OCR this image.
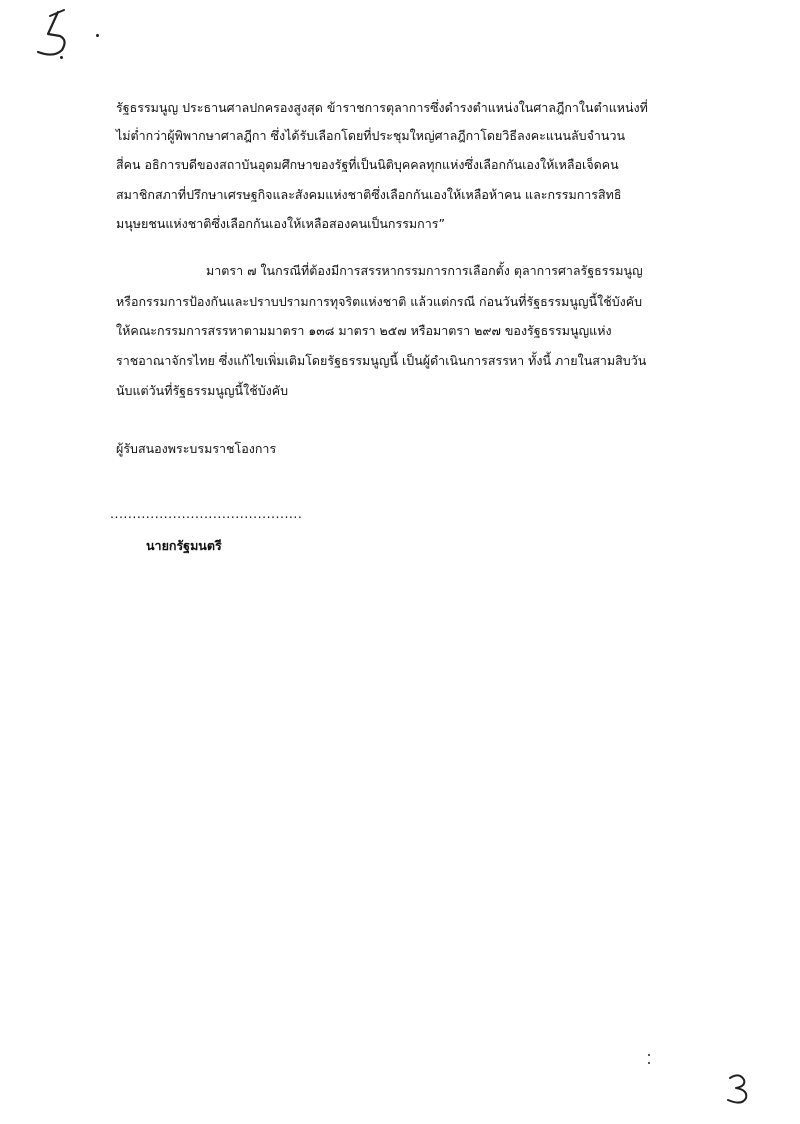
รัฐธรรมนูญ ประธานศาลปกครองสูงสุด ข้าราชการตุลาการซึ่งดำรงตำแหน่งในศาลฎีกาในตำแหน่งที่
ไม่ต่ำกว่าผู้พิพากษาศาลฎีกา ซึ่งได้รับเลือกโดยที่ประชุมใหญ่ศาลฎีกาโดยวิธีลงคะแนนลับจำนวน
สี่คน อธิการบดีของสถาบันอุดมศึกษาของรัฐที่เป็นนิติบุคคลทุกแห่งซึ่งเลือกกันเองให้เหลือเจ็ดคน
สมาชิกสภาที่ปรึกษาเศรษฐกิจและสังคมแห่งชาติซึ่งเลือกกันเองให้เหลือห้าคน และกรรมการสิทธิ
มนุษยชนแห่งชาติซึ่งเลือกกันเองให้เหลือสองคนเป็นกรรมการ”
มาตรา ๗ ในกรณีที่ต้องมีการสรรหากรรมการการเลือกตั้ง ตุลาการศาลรัฐธรรมนูญ
หรือกรรมการป้องกันและปราบปรามการทุจริตแห่งชาติ แล้วแต่กรณี ก่อนวันที่รัฐธรรมนูญนี้ใช้บังคับ
ให้คณะกรรมการสรรหาตามมาตรา ๑๓๘ มาตรา ๒๕๗ หรือมาตรา ๒๙๗ ของรัฐธรรมนูญแห่ง
ราชอาณาจักรไทย ซึ่งแก้ไขเพิ่มเติมโดยรัฐธรรมนูญนี้ เป็นผู้ดำเนินการสรรหา ทั้งนี้ ภายในสามสิบวัน
นับแต่วันที่รัฐธรรมนูญนี้ใช้บังคับ
ผู้รับสนองพระบรมราชโองการ
...........................................
นายกรัฐมนตรี
